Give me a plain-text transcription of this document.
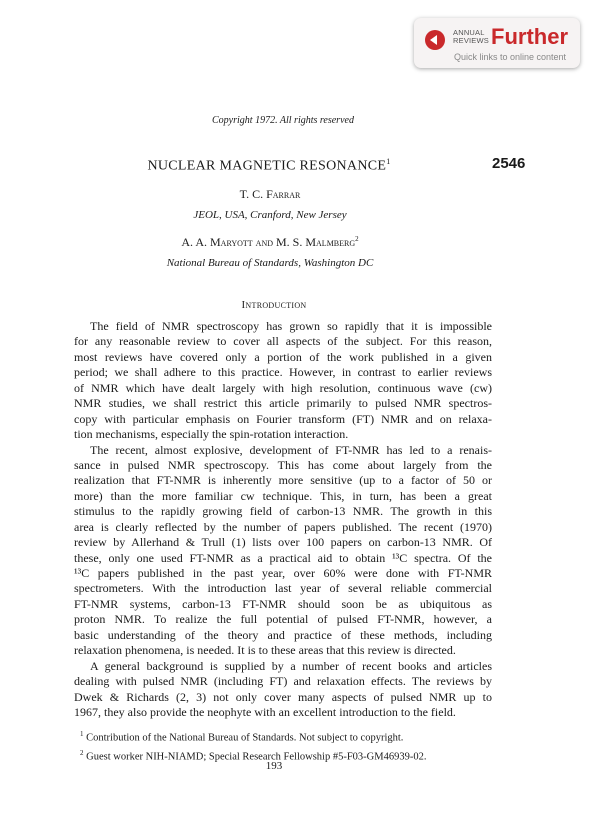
ANNUAL REVIEWS Further
Quick links to online content
Copyright 1972. All rights reserved
NUCLEAR MAGNETIC RESONANCE$^1$	2546
T. C. Farrar
JEOL, USA, Cranford, New Jersey
A. A. Maryott and M. S. Malmberg$^2$
National Bureau of Standards, Washington DC
Introduction
The field of NMR spectroscopy has grown so rapidly that it is impossible
for any reasonable review to cover all aspects of the subject. For this reason,
most reviews have covered only a portion of the work published in a given
period; we shall adhere to this practice. However, in contrast to earlier reviews
of NMR which have dealt largely with high resolution, continuous wave (cw)
NMR studies, we shall restrict this article primarily to pulsed NMR spectros-
copy with particular emphasis on Fourier transform (FT) NMR and on relaxa-
tion mechanisms, especially the spin-rotation interaction.
The recent, almost explosive, development of FT-NMR has led to a renais-
sance in pulsed NMR spectroscopy. This has come about largely from the
realization that FT-NMR is inherently more sensitive (up to a factor of 50 or
more) than the more familiar cw technique. This, in turn, has been a great
stimulus to the rapidly growing field of carbon-13 NMR. The growth in this
area is clearly reflected by the number of papers published. The recent (1970)
review by Allerhand & Trull (1) lists over 100 papers on carbon-13 NMR. Of
these, only one used FT-NMR as a practical aid to obtain ¹³C spectra. Of the
¹³C papers published in the past year, over 60% were done with FT-NMR
spectrometers. With the introduction last year of several reliable commercial
FT-NMR systems, carbon-13 FT-NMR should soon be as ubiquitous as
proton NMR. To realize the full potential of pulsed FT-NMR, however, a
basic understanding of the theory and practice of these methods, including
relaxation phenomena, is needed. It is to these areas that this review is directed.
A general background is supplied by a number of recent books and articles
dealing with pulsed NMR (including FT) and relaxation effects. The reviews by
Dwek & Richards (2, 3) not only cover many aspects of pulsed NMR up to
1967, they also provide the neophyte with an excellent introduction to the field.
$^1$ Contribution of the National Bureau of Standards. Not subject to copyright.
$^2$ Guest worker NIH-NIAMD; Special Research Fellowship #5-F03-GM46939-02.
193
